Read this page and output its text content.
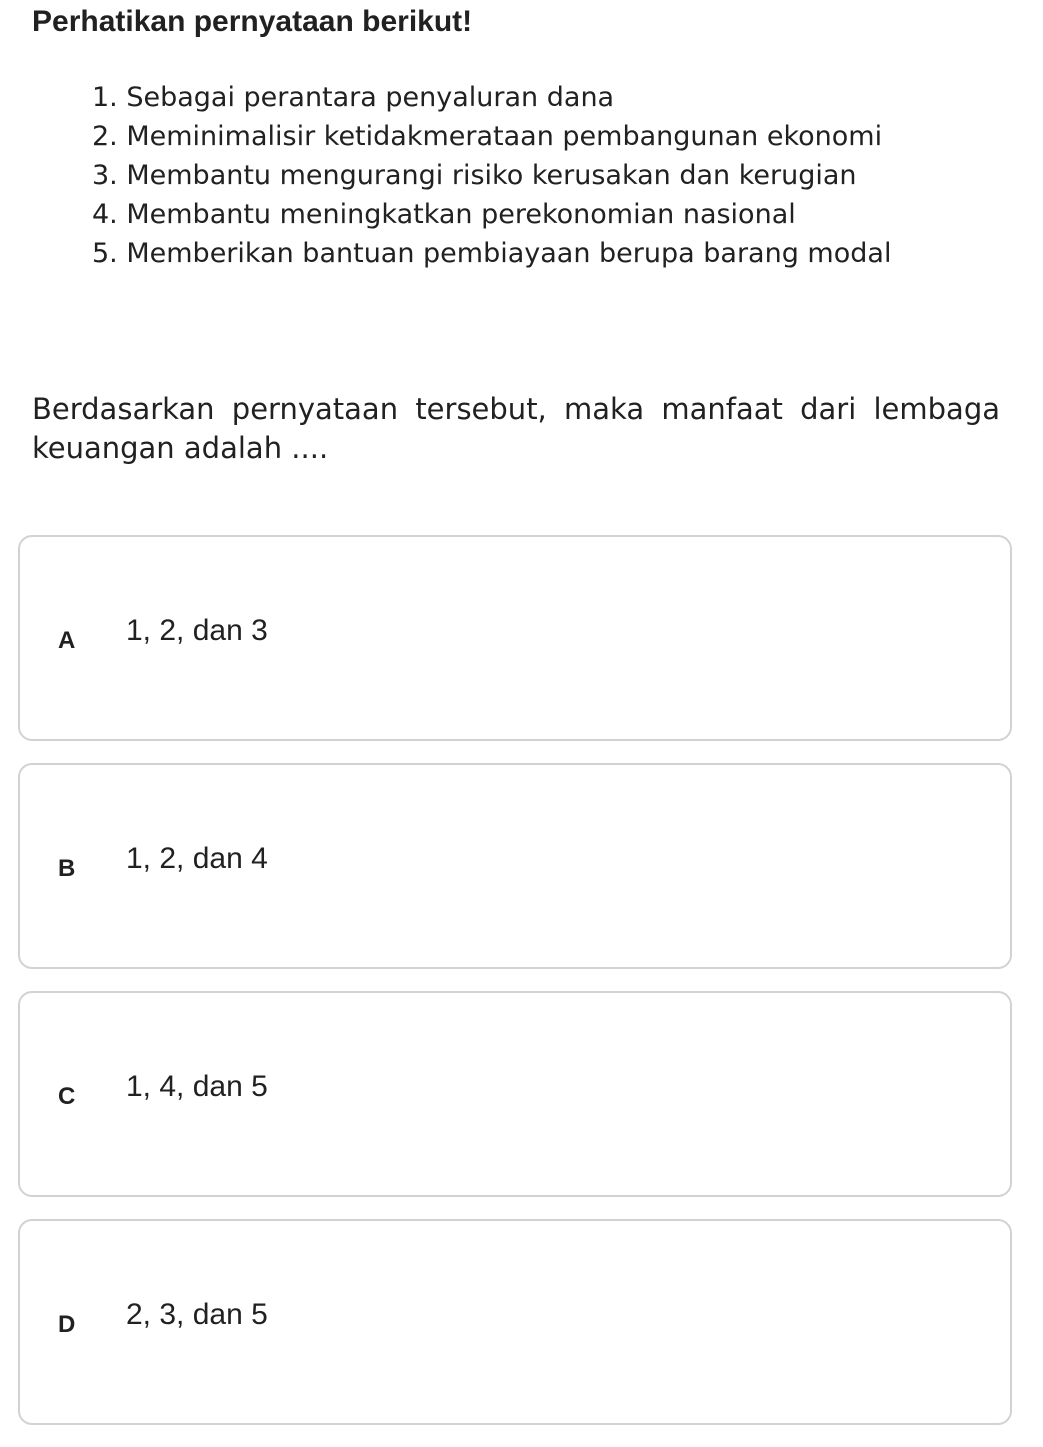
Perhatikan pernyataan berikut!
1. Sebagai perantara penyaluran dana
2. Meminimalisir ketidakmerataan pembangunan ekonomi
3. Membantu mengurangi risiko kerusakan dan kerugian
4. Membantu meningkatkan perekonomian nasional
5. Memberikan bantuan pembiayaan berupa barang modal

Berdasarkan pernyataan tersebut, maka manfaat dari lembaga keuangan adalah ....

A 1, 2, dan 3
B 1, 2, dan 4
C 1, 4, dan 5
D 2, 3, dan 5
